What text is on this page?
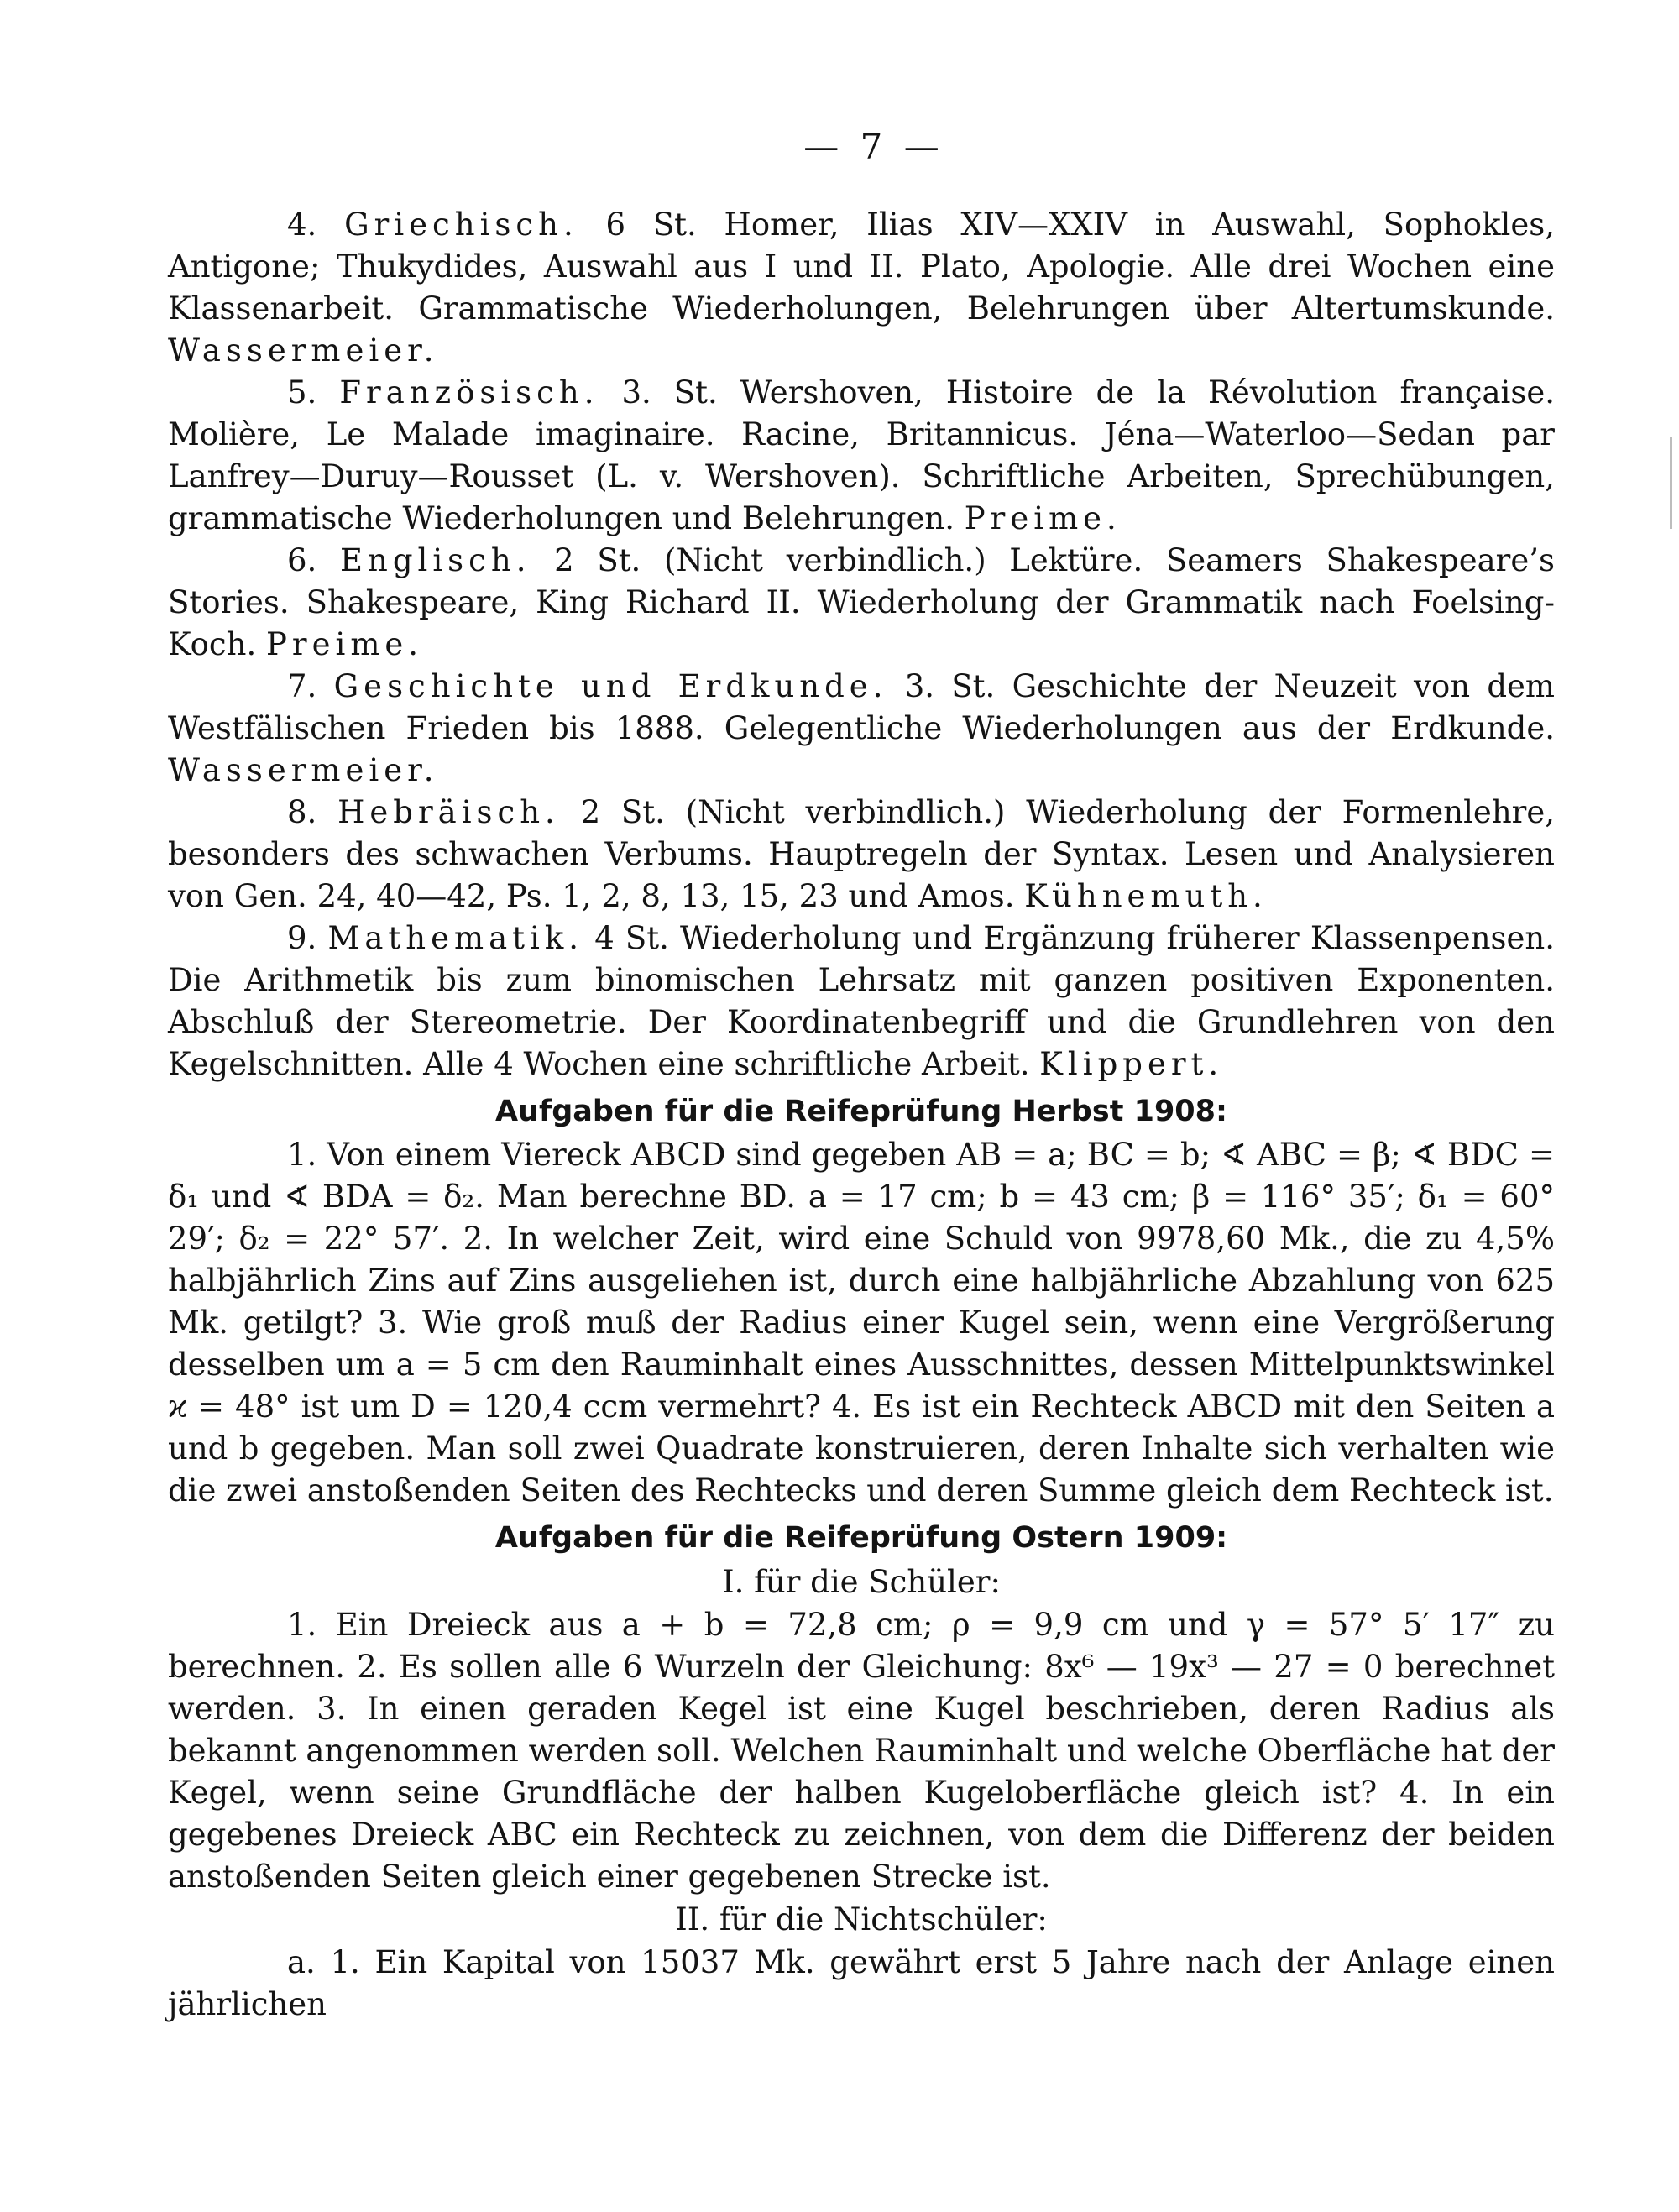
— 7 —

4. Griechisch. 6 St. Homer, Ilias XIV—XXIV in Auswahl, Sophokles, Antigone; Thukydides, Auswahl aus I und II. Plato, Apologie. Alle drei Wochen eine Klassenarbeit. Grammatische Wiederholungen, Belehrungen über Altertumskunde. Wassermeier.

5. Französisch. 3. St. Wershoven, Histoire de la Révolution française. Molière, Le Malade imaginaire. Racine, Britannicus. Jéna—Waterloo—Sedan par Lanfrey—Duruy—Rousset (L. v. Wershoven). Schriftliche Arbeiten, Sprechübungen, grammatische Wiederholungen und Belehrungen. Preime.

6. Englisch. 2 St. (Nicht verbindlich.) Lektüre. Seamers Shakespeare’s Stories. Shakespeare, King Richard II. Wiederholung der Grammatik nach Foelsing-Koch. Preime.

7. Geschichte und Erdkunde. 3. St. Geschichte der Neuzeit von dem Westfälischen Frieden bis 1888. Gelegentliche Wiederholungen aus der Erdkunde. Wassermeier.

8. Hebräisch. 2 St. (Nicht verbindlich.) Wiederholung der Formenlehre, besonders des schwachen Verbums. Hauptregeln der Syntax. Lesen und Analysieren von Gen. 24, 40—42, Ps. 1, 2, 8, 13, 15, 23 und Amos. Kühnemuth.

9. Mathematik. 4 St. Wiederholung und Ergänzung früherer Klassenpensen. Die Arithmetik bis zum binomischen Lehrsatz mit ganzen positiven Exponenten. Abschluß der Stereometrie. Der Koordinatenbegriff und die Grundlehren von den Kegelschnitten. Alle 4 Wochen eine schriftliche Arbeit. Klippert.

Aufgaben für die Reifeprüfung Herbst 1908:

1. Von einem Viereck ABCD sind gegeben AB = a; BC = b; ∢ ABC = β; ∢ BDC = δ₁ und ∢ BDA = δ₂. Man berechne BD. a = 17 cm; b = 43 cm; β = 116° 35′; δ₁ = 60° 29′; δ₂ = 22° 57′. 2. In welcher Zeit, wird eine Schuld von 9978,60 Mk., die zu 4,5% halbjährlich Zins auf Zins ausgeliehen ist, durch eine halbjährliche Abzahlung von 625 Mk. getilgt? 3. Wie groß muß der Radius einer Kugel sein, wenn eine Vergrößerung desselben um a = 5 cm den Rauminhalt eines Ausschnittes, dessen Mittelpunktswinkel ϰ = 48° ist um D = 120,4 ccm vermehrt? 4. Es ist ein Rechteck ABCD mit den Seiten a und b gegeben. Man soll zwei Quadrate konstruieren, deren Inhalte sich verhalten wie die zwei anstoßenden Seiten des Rechtecks und deren Summe gleich dem Rechteck ist.

Aufgaben für die Reifeprüfung Ostern 1909:

I. für die Schüler:

1. Ein Dreieck aus a + b = 72,8 cm; ρ = 9,9 cm und γ = 57° 5′ 17″ zu berechnen. 2. Es sollen alle 6 Wurzeln der Gleichung: 8x⁶ — 19x³ — 27 = 0 berechnet werden. 3. In einen geraden Kegel ist eine Kugel beschrieben, deren Radius als bekannt angenommen werden soll. Welchen Rauminhalt und welche Oberfläche hat der Kegel, wenn seine Grundfläche der halben Kugeloberfläche gleich ist? 4. In ein gegebenes Dreieck ABC ein Rechteck zu zeichnen, von dem die Differenz der beiden anstoßenden Seiten gleich einer gegebenen Strecke ist.

II. für die Nichtschüler:

a. 1. Ein Kapital von 15037 Mk. gewährt erst 5 Jahre nach der Anlage einen jährlichen
